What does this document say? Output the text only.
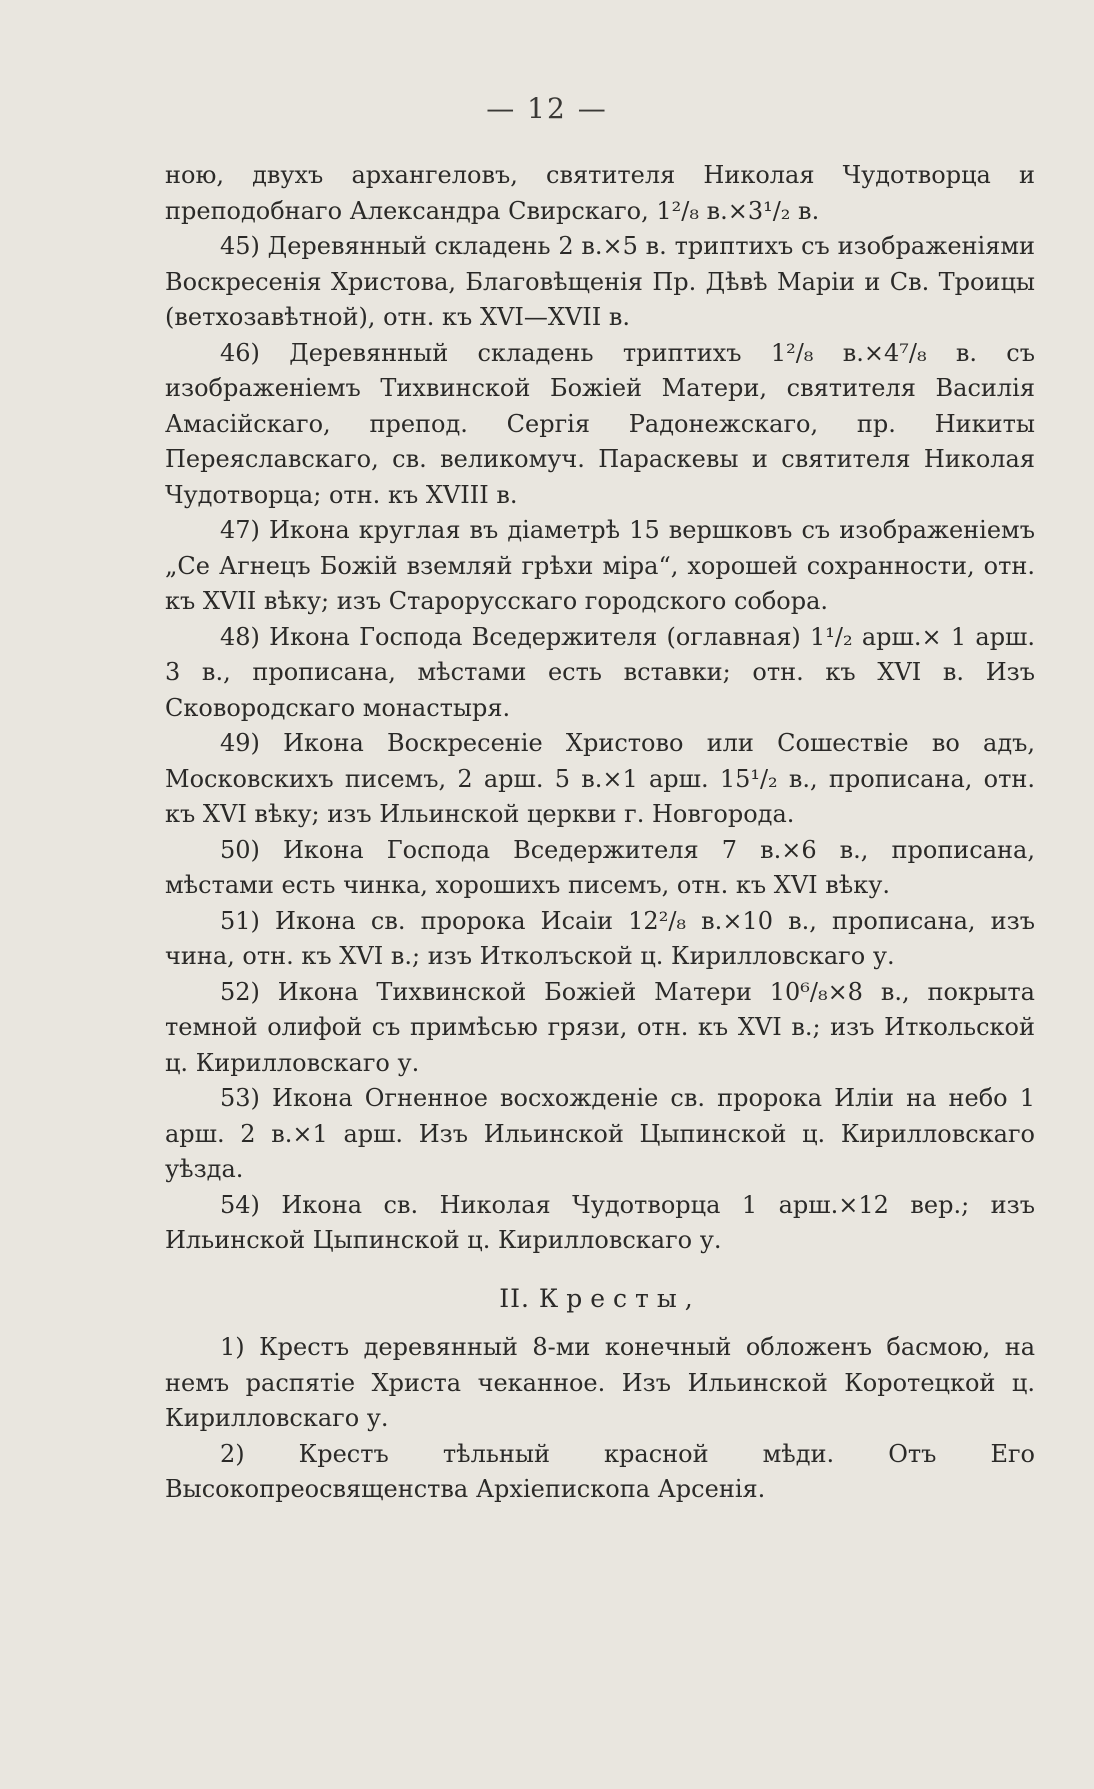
— 12 —

ною, двухъ архангеловъ, святителя Николая Чудотворца и преподобнаго Александра Свирскаго, 1²/₈ в.×3¹/₂ в.

45) Деревянный складень 2 в.×5 в. триптихъ съ изображеніями Воскресенія Христова, Благовѣщенія Пр. Дѣвѣ Маріи и Св. Троицы (ветхозавѣтной), отн. къ XVI—XVII в.

46) Деревянный складень триптихъ 1²/₈ в.×4⁷/₈ в. съ изображеніемъ Тихвинской Божіей Матери, святителя Василія Амасійскаго, препод. Сергія Радонежскаго, пр. Никиты Переяславскаго, св. великомуч. Параскевы и святителя Николая Чудотворца; отн. къ XVIII в.

47) Икона круглая въ діаметрѣ 15 вершковъ съ изображеніемъ „Се Агнецъ Божій вземляй грѣхи міра“, хорошей сохранности, отн. къ XVII вѣку; изъ Старорусскаго городского собора.

48) Икона Господа Вседержителя (оглавная) 1¹/₂ арш.× 1 арш. 3 в., прописана, мѣстами есть вставки; отн. къ XVI в. Изъ Сковородскаго монастыря.

49) Икона Воскресеніе Христово или Сошествіе во адъ, Московскихъ писемъ, 2 арш. 5 в.×1 арш. 15¹/₂ в., прописана, отн. къ XVI вѣку; изъ Ильинской церкви г. Новгорода.

50) Икона Господа Вседержителя 7 в.×6 в., прописана, мѣстами есть чинка, хорошихъ писемъ, отн. къ XVI вѣку.

51) Икона св. пророка Исаіи 12²/₈ в.×10 в., прописана, изъ чина, отн. къ XVI в.; изъ Итколъской ц. Кирилловскаго у.

52) Икона Тихвинской Божіей Матери 10⁶/₈×8 в., покрыта темной олифой съ примѣсью грязи, отн. къ XVI в.; изъ Иткольской ц. Кирилловскаго у.

53) Икона Огненное восхожденіе св. пророка Иліи на небо 1 арш. 2 в.×1 арш. Изъ Ильинской Цыпинской ц. Кирилловскаго уѣзда.

54) Икона св. Николая Чудотворца 1 арш.×12 вер.; изъ Ильинской Цыпинской ц. Кирилловскаго у.

II. Кресты,

1) Крестъ деревянный 8-ми конечный обложенъ басмою, на немъ распятіе Христа чеканное. Изъ Ильинской Коротецкой ц. Кирилловскаго у.

2) Крестъ тѣльный красной мѣди. Отъ Его Высокопреосвященства Архіепископа Арсенія.
